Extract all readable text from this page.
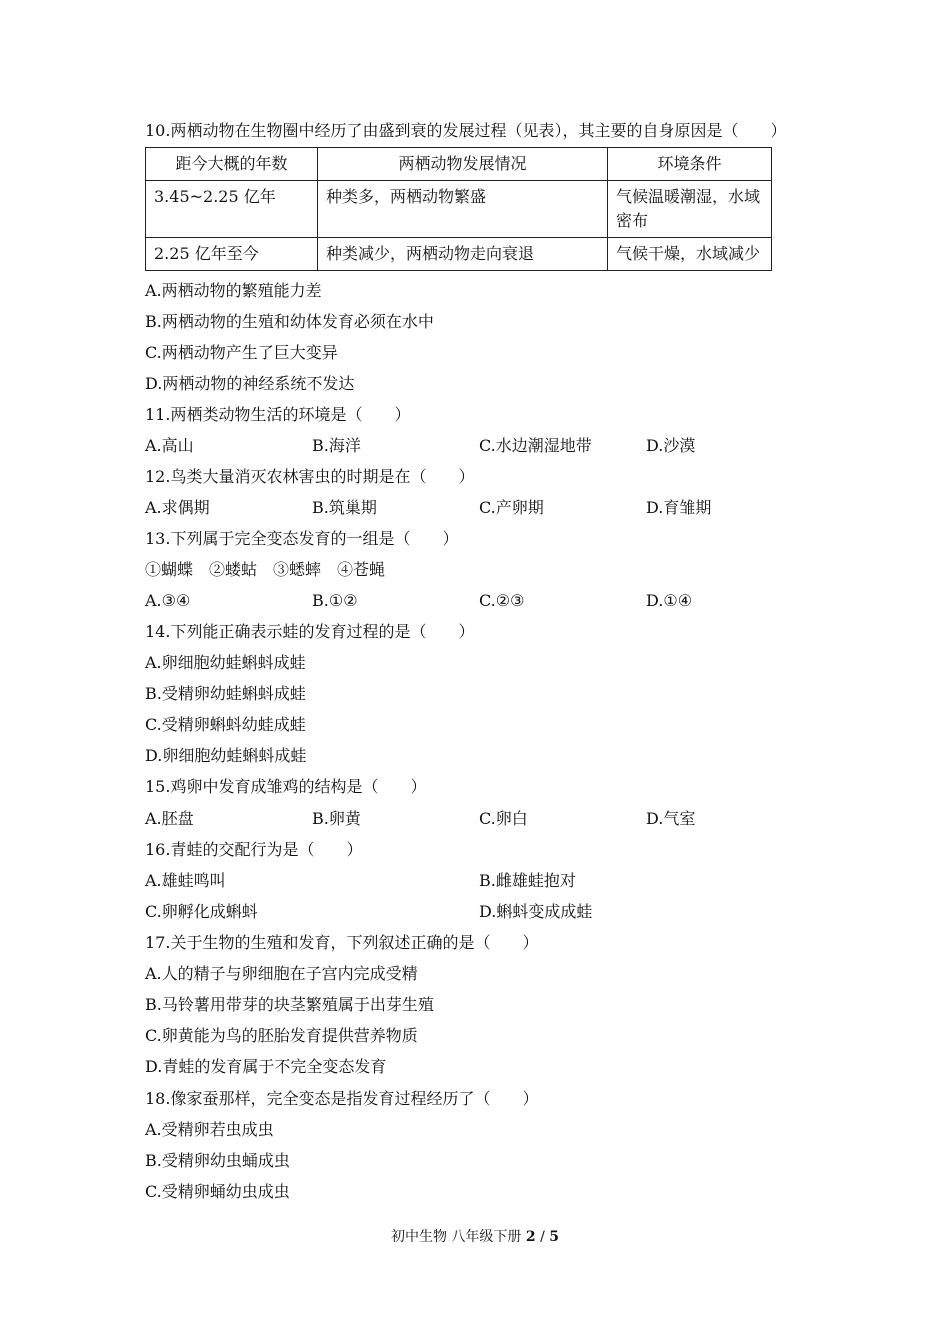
10.两栖动物在生物圈中经历了由盛到衰的发展过程（见表），其主要的自身原因是（　　）
距今大概的年数	两栖动物发展情况	环境条件
3.45~2.25 亿年	种类多，两栖动物繁盛	气候温暖潮湿，水域密布
2.25 亿年至今	种类减少，两栖动物走向衰退	气候干燥，水域减少
A.两栖动物的繁殖能力差
B.两栖动物的生殖和幼体发育必须在水中
C.两栖动物产生了巨大变异
D.两栖动物的神经系统不发达
11.两栖类动物生活的环境是（　　）
A.高山	B.海洋	C.水边潮湿地带	D.沙漠
12.鸟类大量消灭农林害虫的时期是在（　　）
A.求偶期	B.筑巢期	C.产卵期	D.育雏期
13.下列属于完全变态发育的一组是（　　）
①蝴蝶　②蝼蛄　③蟋蟀　④苍蝇
A.③④	B.①②	C.②③	D.①④
14.下列能正确表示蛙的发育过程的是（　　）
A.卵细胞幼蛙蝌蚪成蛙
B.受精卵幼蛙蝌蚪成蛙
C.受精卵蝌蚪幼蛙成蛙
D.卵细胞幼蛙蝌蚪成蛙
15.鸡卵中发育成雏鸡的结构是（　　）
A.胚盘	B.卵黄	C.卵白	D.气室
16.青蛙的交配行为是（　　）
A.雄蛙鸣叫	B.雌雄蛙抱对
C.卵孵化成蝌蚪	D.蝌蚪变成成蛙
17.关于生物的生殖和发育，下列叙述正确的是（　　）
A.人的精子与卵细胞在子宫内完成受精
B.马铃薯用带芽的块茎繁殖属于出芽生殖
C.卵黄能为鸟的胚胎发育提供营养物质
D.青蛙的发育属于不完全变态发育
18.像家蚕那样，完全变态是指发育过程经历了（　　）
A.受精卵若虫成虫
B.受精卵幼虫蛹成虫
C.受精卵蛹幼虫成虫
初中生物 八年级下册 2 / 5
